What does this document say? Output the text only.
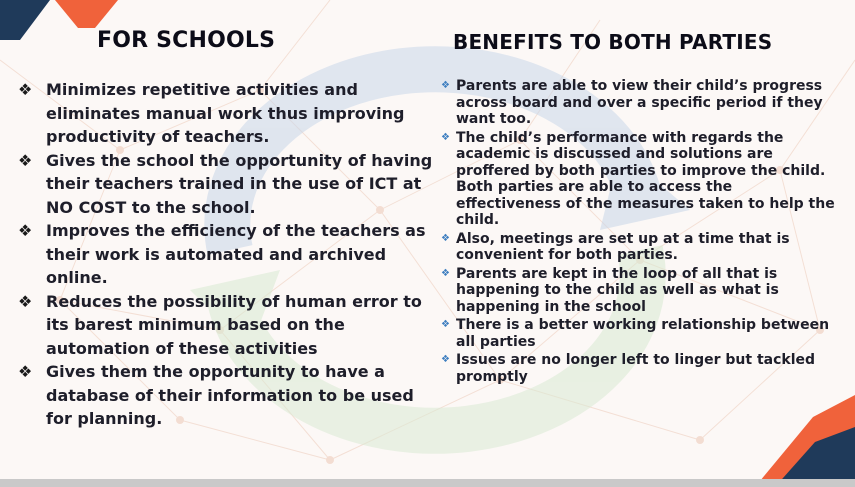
FOR SCHOOLS	BENEFITS TO BOTH PARTIES
❖ Minimizes repetitive activities and eliminates manual work thus improving productivity of teachers.
❖ Gives the school the opportunity of having their teachers trained in the use of ICT at NO COST to the school.
❖ Improves the efficiency of the teachers as their work is automated and archived online.
❖ Reduces the possibility of human error to its barest minimum based on the automation of these activities
❖ Gives them the opportunity to have a database of their information to be used for planning.
❖ Parents are able to view their child’s progress across board and over a specific period if they want too.
❖ The child’s performance with regards the academic is discussed and solutions are proffered by both parties to improve the child. Both parties are able to access the effectiveness of the measures taken to help the child.
❖ Also, meetings are set up at a time that is convenient for both parties.
❖ Parents are kept in the loop of all that is happening to the child as well as what is happening in the school
❖ There is a better working relationship between all parties
❖ Issues are no longer left to linger but tackled promptly
